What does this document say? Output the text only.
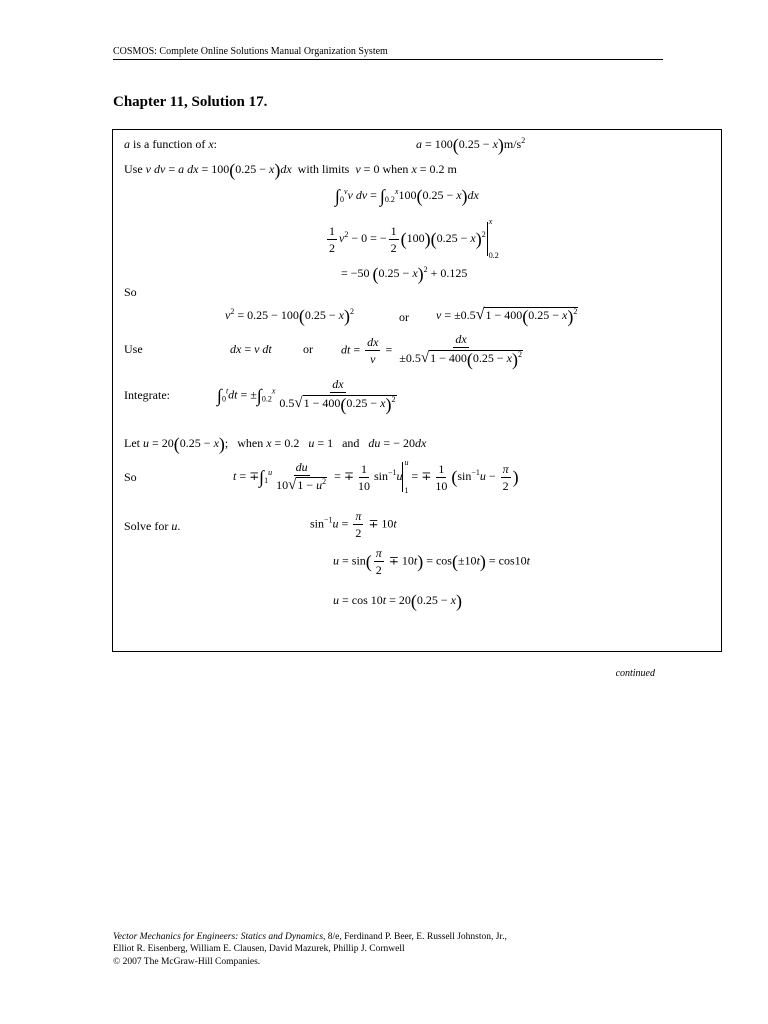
COSMOS: Complete Online Solutions Manual Organization System
Chapter 11, Solution 17.
a is a function of x:	$a = 100(0.25 - x)m/s^2$
Use v dv = a dx = 100(0.25 − x)dx  with limits  v = 0 when x = 0.2 m
$\int_0^vv$ dv = $\int_{0.2}^x100(0.25 - x)dx$
$\frac{1}{2} v^2 - 0$ = − $\frac{1}{2} (100)(0.25 - x)^2$
x
0.2
= −50 $(0.25 - x)^2 + 0.125$
So
$v^2 = 0.25 - 100(0.25 - x)^2$	or $v = \pm 0.5√1 - 400(0.25 - x)^2$
Use	dx = v dt	or dt = $\frac{dx}{v} = \frac{dx}{\pm 0.5√1 - 400(0.25 - x)^2}$
Integrate:	$\int_0^tdt = \pm\int_{0.2}^x \frac{dx}{0.5√1 - 400(0.25 - x)^2}$
Let u = 20(0.25 − x);   when x = 0.2   u = 1   and   du = − 20dx
So	$t = \mp\int_1^u \frac{du}{10√1 - u^2}$ = ∓ $\frac{1}{10} \sin^{-1}u$
u
1
= ∓ $\frac{1}{10} (\sin^{-1}u - \frac{\pi}{2}$ )
Solve for u.	$\sin^{-1}u = \frac{\pi}{2} \mp 10t$
$u = \sin( \frac{\pi}{2} \mp 10t) = \cos(\pm 10t) = \cos 10t$
u = cos 10t = 20(0.25 − x)
continued
Vector Mechanics for Engineers: Statics and Dynamics, 8/e, Ferdinand P. Beer, E. Russell Johnston, Jr.,
Elliot R. Eisenberg, William E. Clausen, David Mazurek, Phillip J. Cornwell
© 2007 The McGraw-Hill Companies.
